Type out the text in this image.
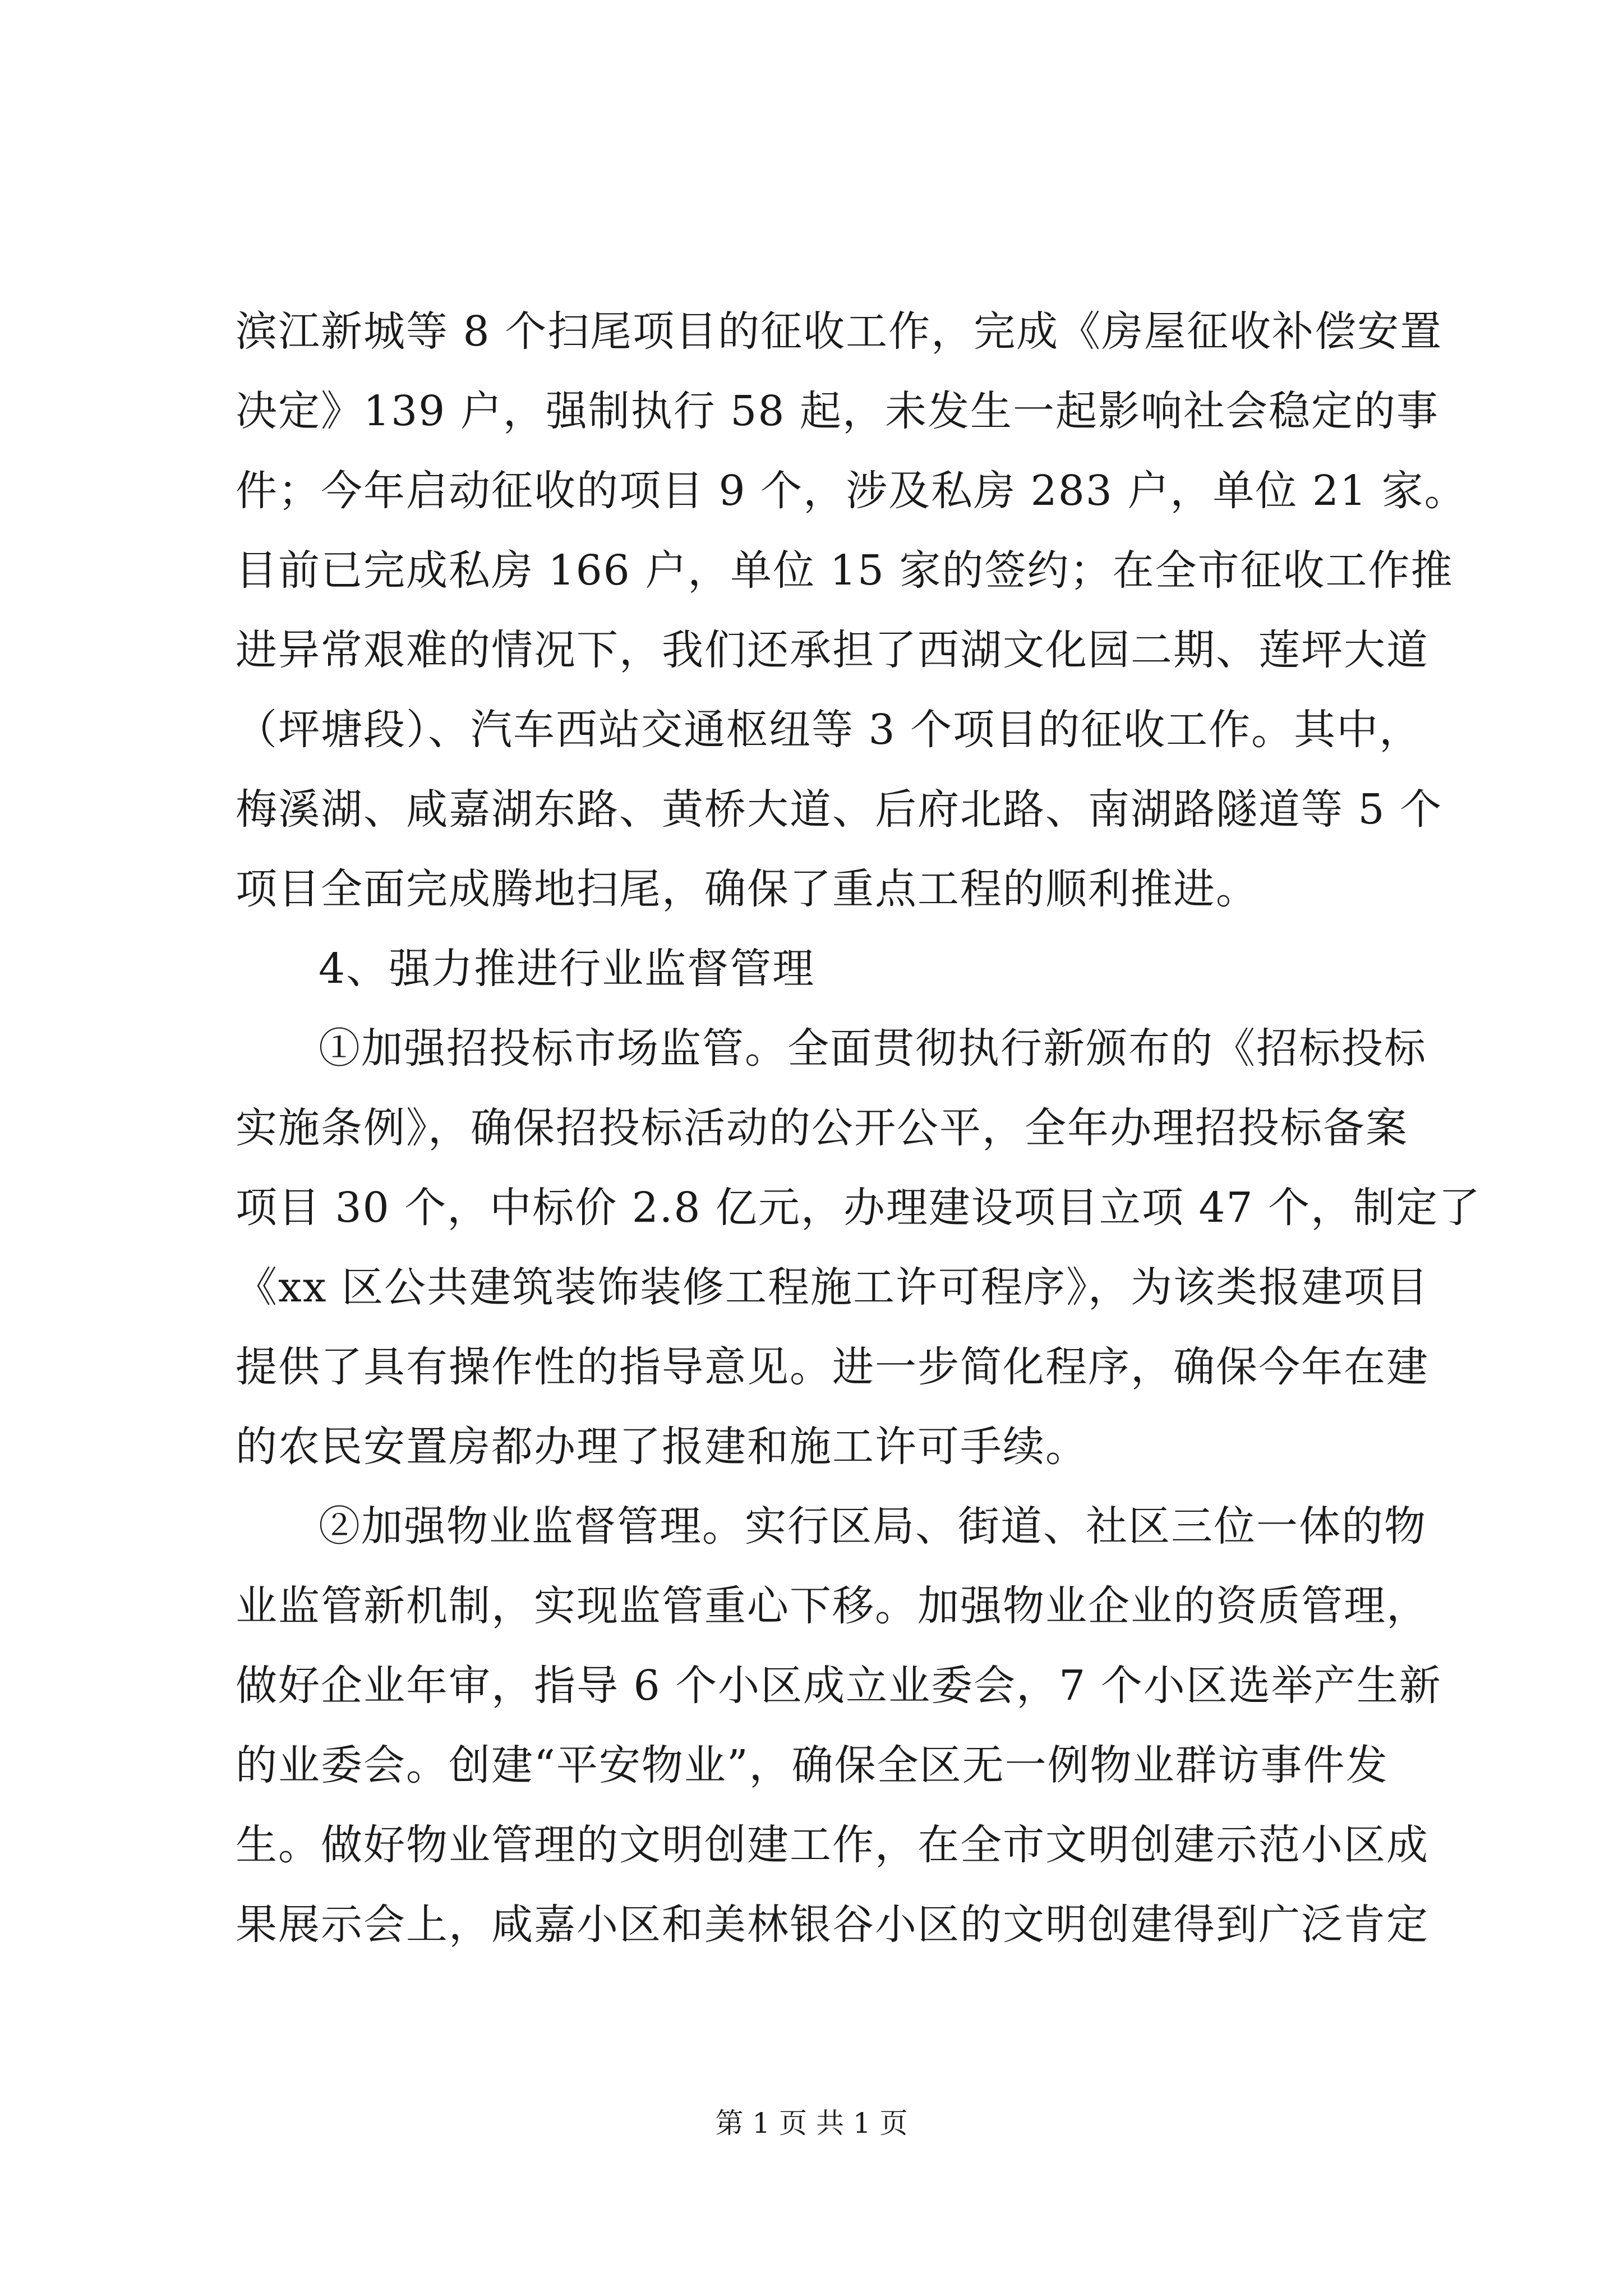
滨江新城等 8 个扫尾项目的征收工作，完成《房屋征收补偿安置
决定》139 户，强制执行 58 起，未发生一起影响社会稳定的事
件；今年启动征收的项目 9 个，涉及私房 283 户，单位 21 家。
目前已完成私房 166 户，单位 15 家的签约；在全市征收工作推
进异常艰难的情况下，我们还承担了西湖文化园二期、莲坪大道
（坪塘段）、汽车西站交通枢纽等 3 个项目的征收工作。其中，
梅溪湖、咸嘉湖东路、黄桥大道、后府北路、南湖路隧道等 5 个
项目全面完成腾地扫尾，确保了重点工程的顺利推进。
4、强力推进行业监督管理
①加强招投标市场监管。全面贯彻执行新颁布的《招标投标
实施条例》，确保招投标活动的公开公平，全年办理招投标备案
项目 30 个，中标价 2.8 亿元，办理建设项目立项 47 个，制定了
《xx 区公共建筑装饰装修工程施工许可程序》，为该类报建项目
提供了具有操作性的指导意见。进一步简化程序，确保今年在建
的农民安置房都办理了报建和施工许可手续。
②加强物业监督管理。实行区局、街道、社区三位一体的物
业监管新机制，实现监管重心下移。加强物业企业的资质管理，
做好企业年审，指导 6 个小区成立业委会，7 个小区选举产生新
的业委会。创建“平安物业”，确保全区无一例物业群访事件发
生。做好物业管理的文明创建工作，在全市文明创建示范小区成
果展示会上，咸嘉小区和美林银谷小区的文明创建得到广泛肯定
第 1 页 共 1 页
